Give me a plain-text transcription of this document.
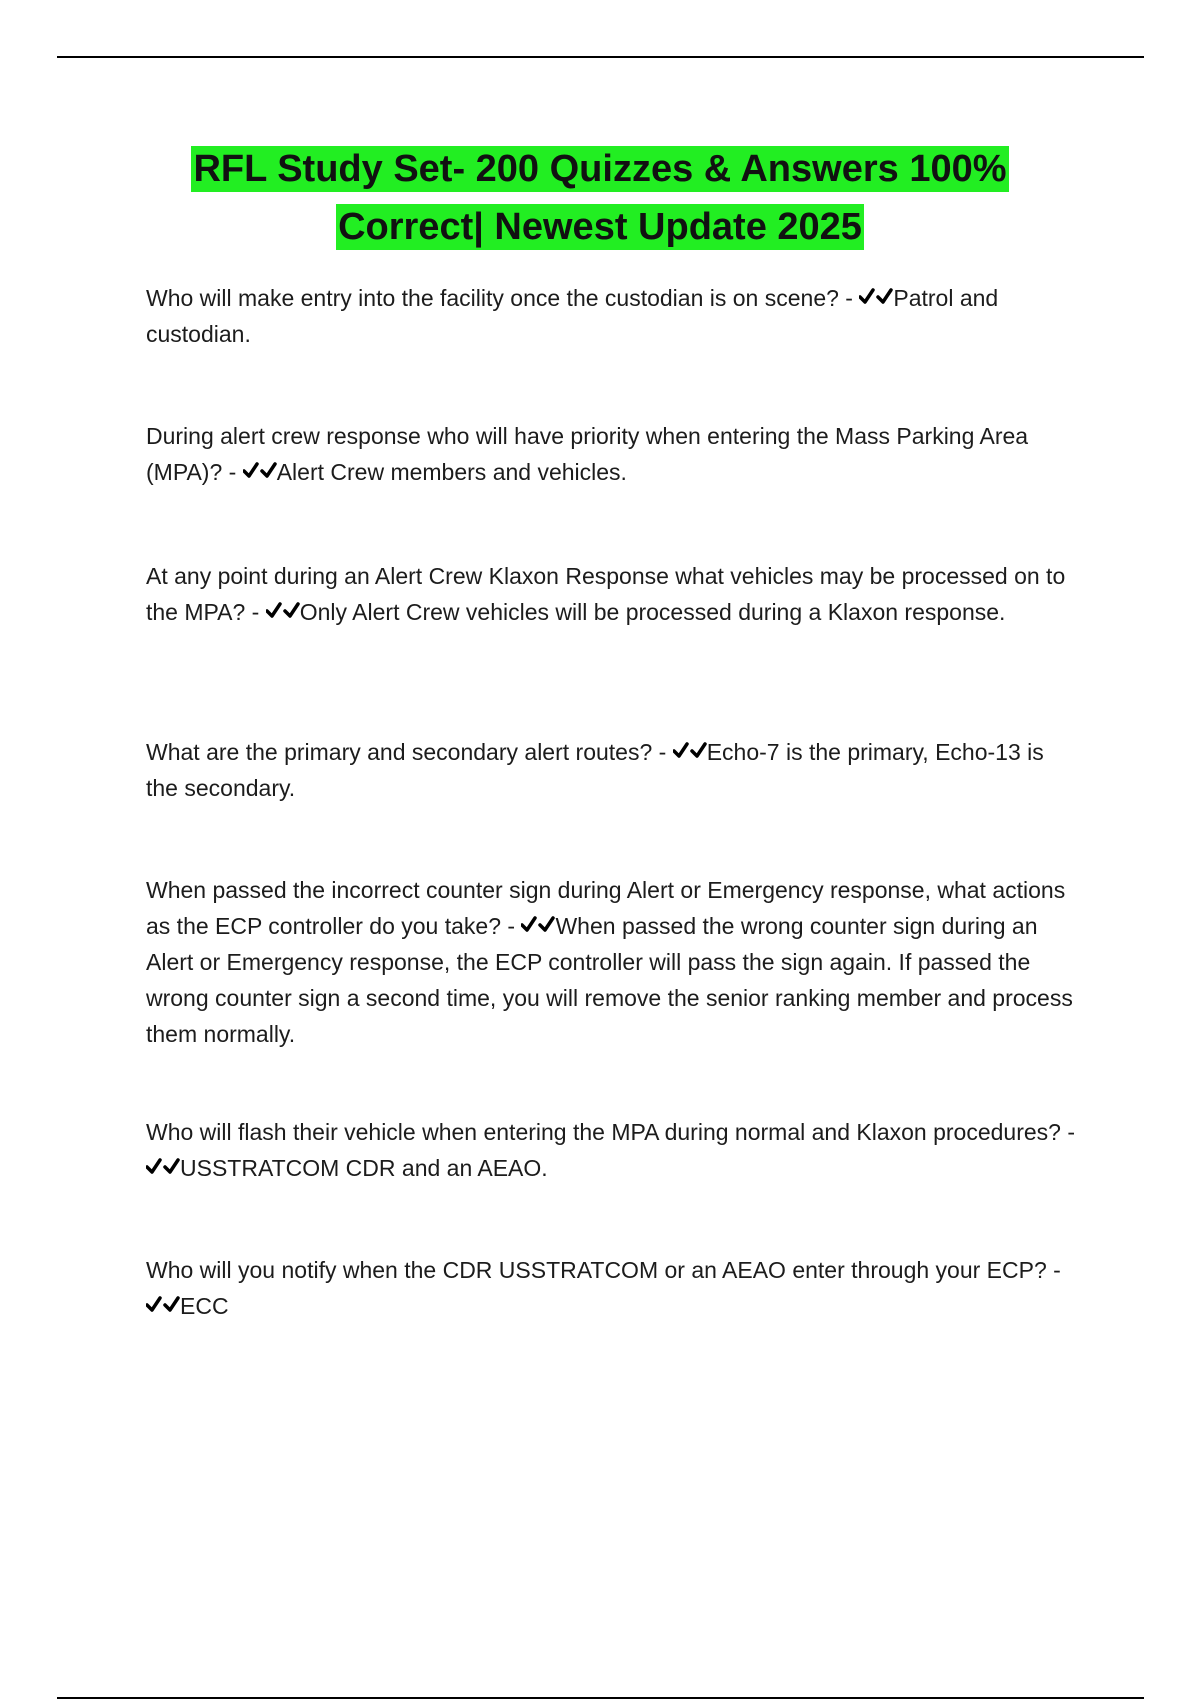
RFL Study Set- 200 Quizzes & Answers 100%
Correct| Newest Update 2025
Who will make entry into the facility once the custodian is on scene? -
Patrol and custodian.
During alert crew response who will have priority when entering the Mass Parking Area (MPA)? -
Alert Crew members and vehicles.
At any point during an Alert Crew Klaxon Response what vehicles may be processed on to the MPA? -
Only Alert Crew vehicles will be processed during a Klaxon response.
What are the primary and secondary alert routes? -
Echo-7 is the primary, Echo-13 is the secondary.
When passed the incorrect counter sign during Alert or Emergency response, what actions as the ECP controller do you take? -
When passed the wrong counter sign during an Alert or Emergency response, the ECP controller will pass the sign again. If passed the wrong counter sign a second time, you will remove the senior ranking member and process them normally.
Who will flash their vehicle when entering the MPA during normal and Klaxon procedures? -
USSTRATCOM CDR and an AEAO.
Who will you notify when the CDR USSTRATCOM or an AEAO enter through your ECP? -
ECC
